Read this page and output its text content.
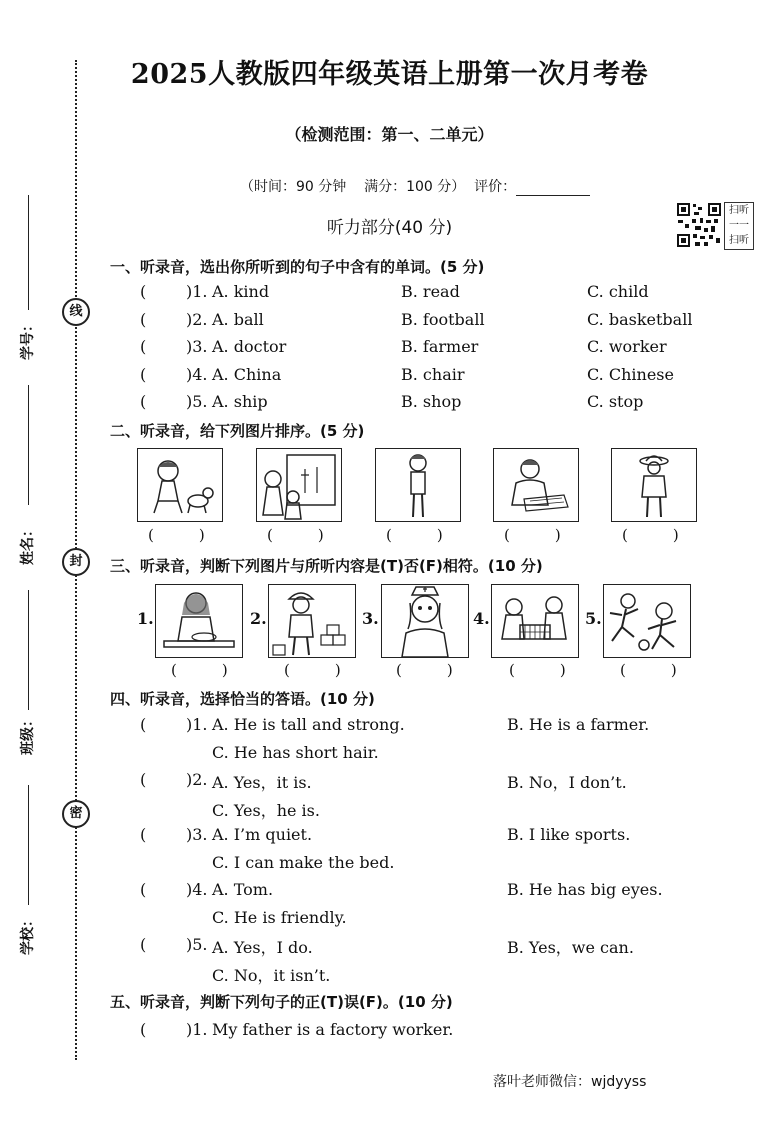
线
封
密
学号：
姓名：
班级：
学校：
2025人教版四年级英语上册第一次月考卷
（检测范围：第一、二单元）
（时间：90 分钟 满分：100 分） 评价：
听力部分(40 分)
扫听
一一
扫听
一、听录音，选出你所听到的句子中含有的单词。(5 分)
( )1. A. kind	B. read	C. child
( )2. A. ball	B. football	C. basketball
( )3. A. doctor	B. farmer	C. worker
( )4. A. China	B. chair	C. Chinese
( )5. A. ship	B. shop	C. stop
二、听录音，给下列图片排序。(5 分)
(　　　)	(　　　)	(　　　)	(　　　)	(　　　)
三、听录音，判断下列图片与所听内容是(T)否(F)相符。(10 分)
1.	2.	3.	4.	5.
(　　　)	(　　　)	(　　　)	(　　　)	(　　　)
四、听录音，选择恰当的答语。(10 分)
( )1. A. He is tall and strong.	B. He is a farmer.
C. He has short hair.
( )2. A. Yes，it is.	B. No，I don’t.
C. Yes，he is.
( )3. A. I’m quiet.	B. I like sports.
C. I can make the bed.
( )4. A. Tom.	B. He has big eyes.
C. He is friendly.
( )5. A. Yes，I do.	B. Yes，we can.
C. No，it isn’t.
五、听录音，判断下列句子的正(T)误(F)。(10 分)
( )1. My father is a factory worker.
落叶老师微信：wjdyyss
